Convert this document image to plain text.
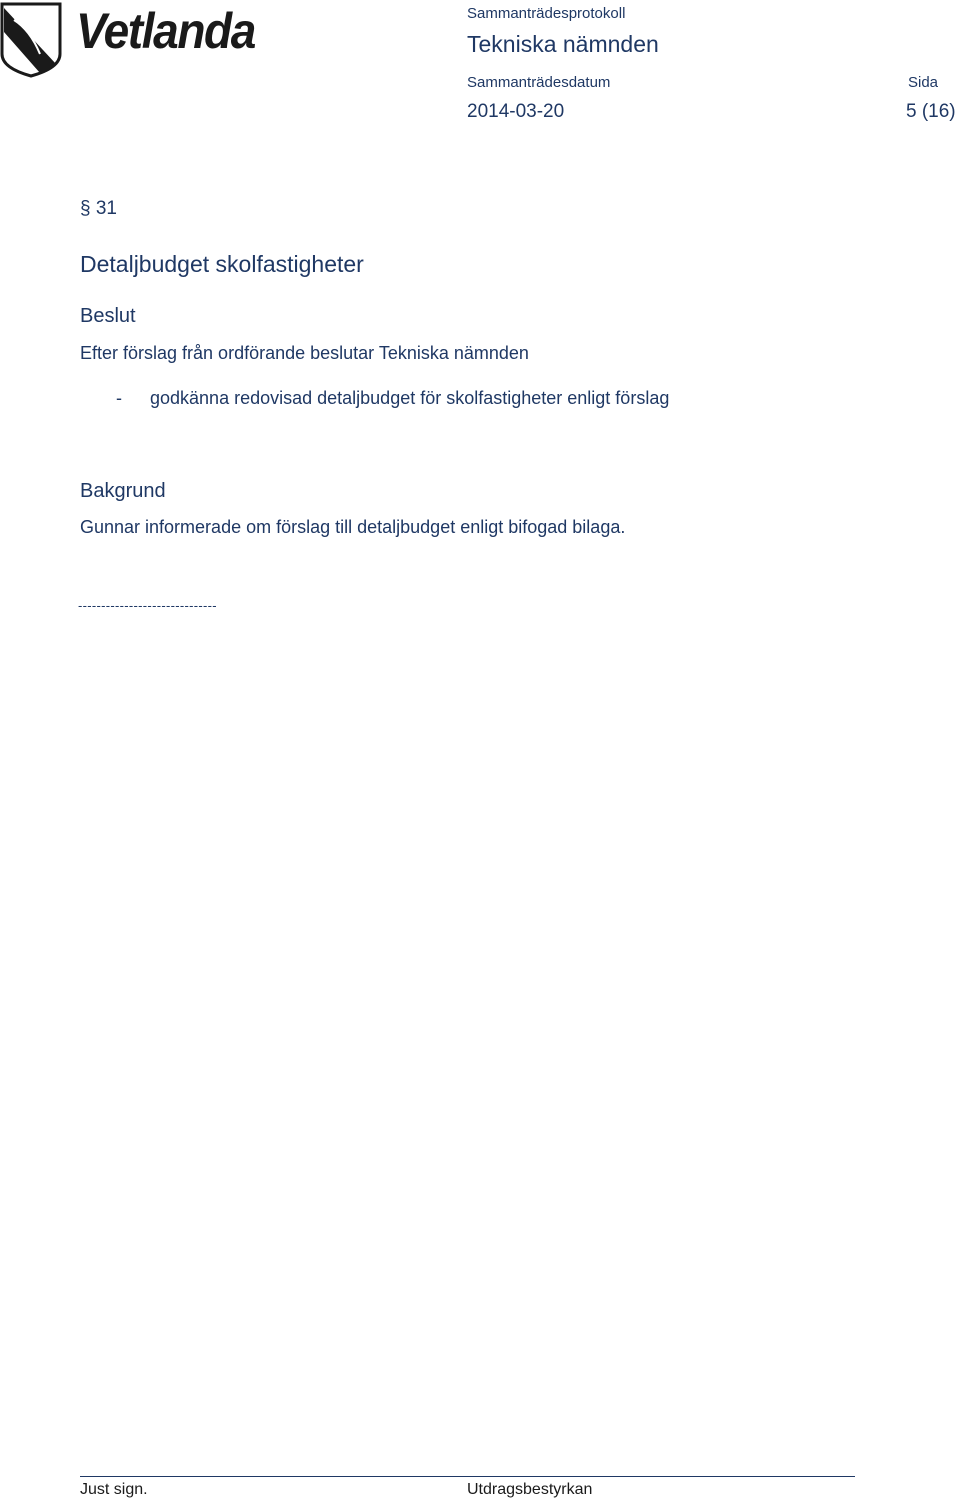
Vetlanda	Sammanträdesprotokoll
Tekniska nämnden
Sammanträdesdatum	Sida
2014-03-20	5 (16)
§ 31
Detaljbudget skolfastigheter
Beslut
Efter förslag från ordförande beslutar Tekniska nämnden
- godkänna redovisad detaljbudget för skolfastigheter enligt förslag
Bakgrund
Gunnar informerade om förslag till detaljbudget enligt bifogad bilaga.
------------------------------
Just sign.	Utdragsbestyrkan
